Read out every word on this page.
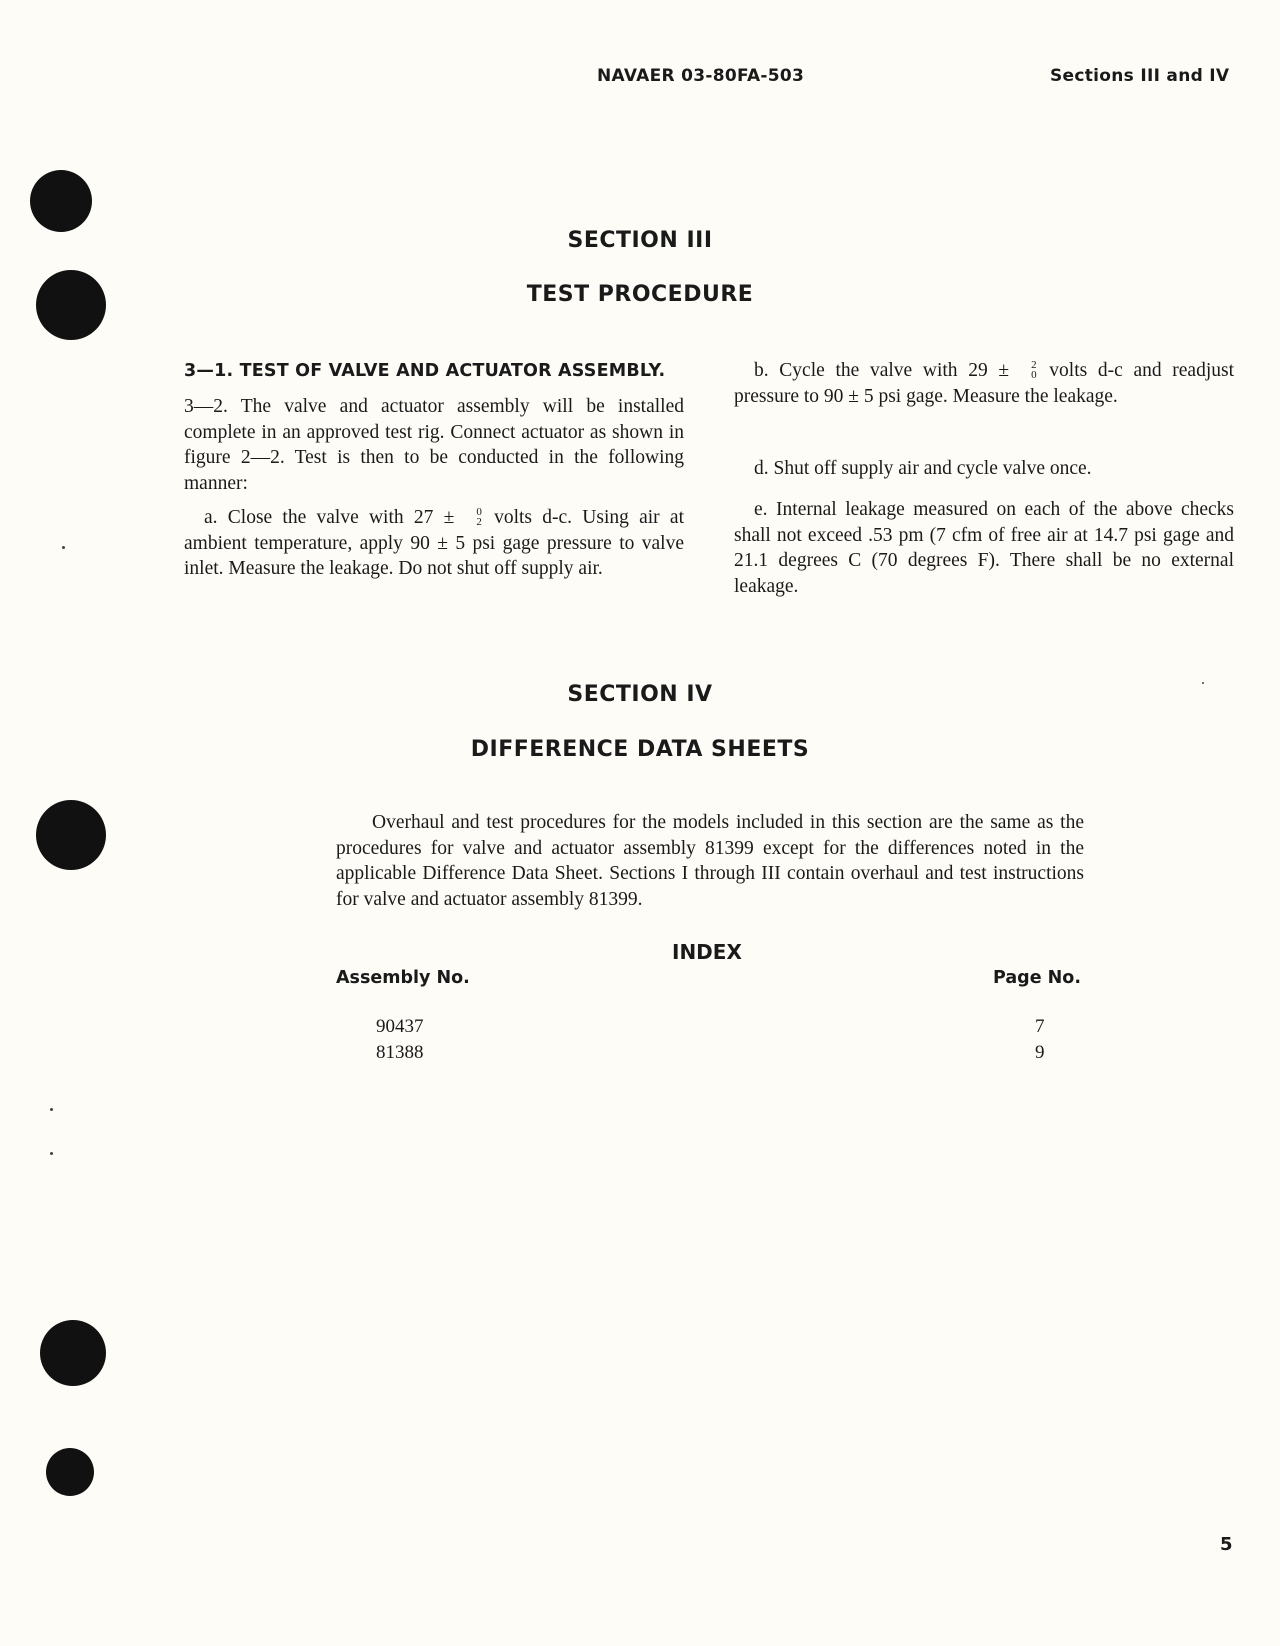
NAVAER 03-80FA-503	Sections III and IV
SECTION III
TEST PROCEDURE
3—1. TEST OF VALVE AND ACTUATOR ASSEMBLY.
3—2. The valve and actuator assembly will be installed complete in an approved test rig. Connect actuator as shown in figure 2—2. Test is then to be conducted in the following manner:
a. Close the valve with 27 ±	0
2 volts d-c. Using air at ambient temperature, apply 90 ± 5 psi gage pressure to valve inlet. Measure the leakage. Do not shut off supply air.
b. Cycle the valve with 29 ±	2
0 volts d-c and readjust pressure to 90 ± 5 psi gage. Measure the leakage.
d. Shut off supply air and cycle valve once.
e. Internal leakage measured on each of the above checks shall not exceed .53 pm (7 cfm of free air at 14.7 psi gage and 21.1 degrees C (70 degrees F). There shall be no external leakage.
SECTION IV
DIFFERENCE DATA SHEETS
Overhaul and test procedures for the models included in this section are the same as the procedures for valve and actuator assembly 81399 except for the differences noted in the applicable Difference Data Sheet. Sections I through III contain overhaul and test instructions for valve and actuator assembly 81399.
INDEX
Assembly No.	Page No.
90437	7
81388	9
5
